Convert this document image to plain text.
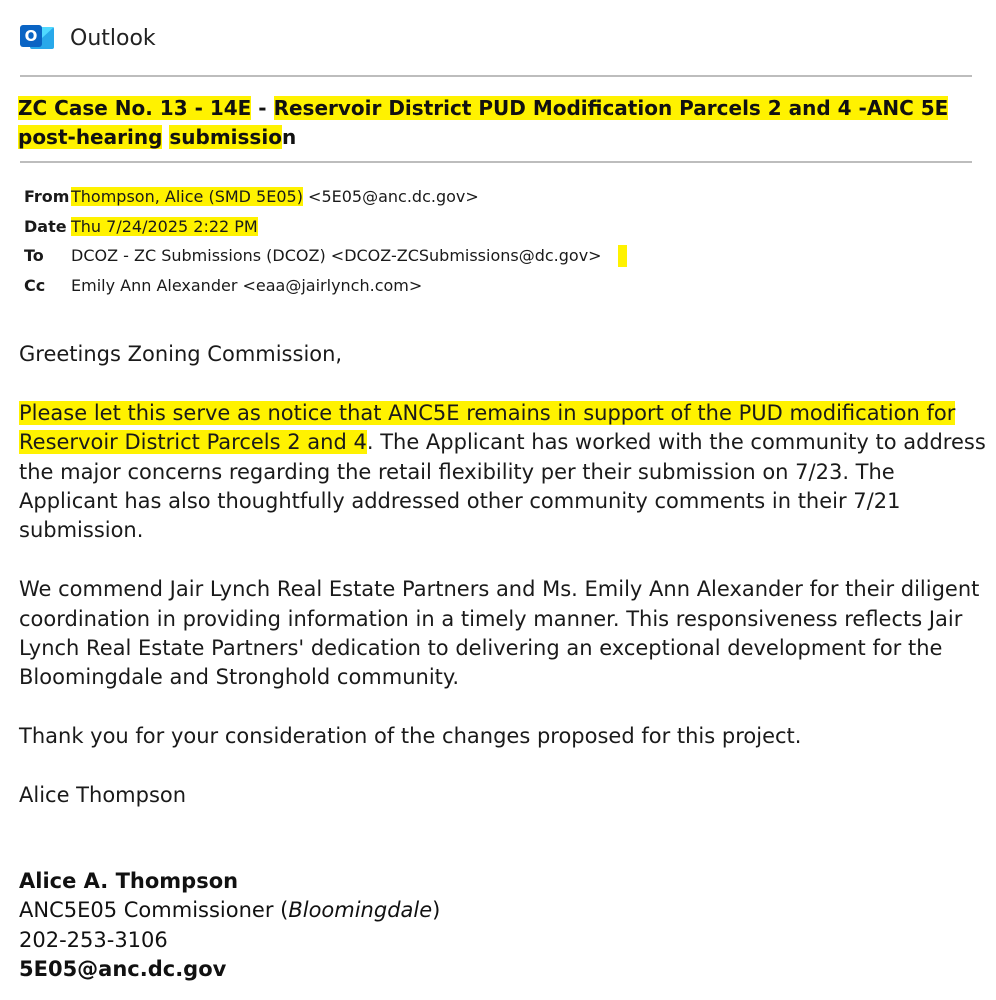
O Outlook
ZC Case No. 13 - 14E - Reservoir District PUD Modification Parcels 2 and 4 -ANC 5E post-hearing submission
From Thompson, Alice (SMD 5E05) <5E05@anc.dc.gov>
Date Thu 7/24/2025 2:22 PM
To	DCOZ - ZC Submissions (DCOZ) <DCOZ-ZCSubmissions@dc.gov>
Cc	Emily Ann Alexander <eaa@jairlynch.com>

Greetings Zoning Commission,

Please let this serve as notice that ANC5E remains in support of the PUD modification for Reservoir District Parcels 2 and 4. The Applicant has worked with the community to address the major concerns regarding the retail flexibility per their submission on 7/23. The Applicant has also thoughtfully addressed other community comments in their 7/21 submission.

We commend Jair Lynch Real Estate Partners and Ms. Emily Ann Alexander for their diligent coordination in providing information in a timely manner. This responsiveness reflects Jair Lynch Real Estate Partners' dedication to delivering an exceptional development for the Bloomingdale and Stronghold community.

Thank you for your consideration of the changes proposed for this project.

Alice Thompson

Alice A. Thompson
ANC5E05 Commissioner (Bloomingdale)
202-253-3106
5E05@anc.dc.gov
